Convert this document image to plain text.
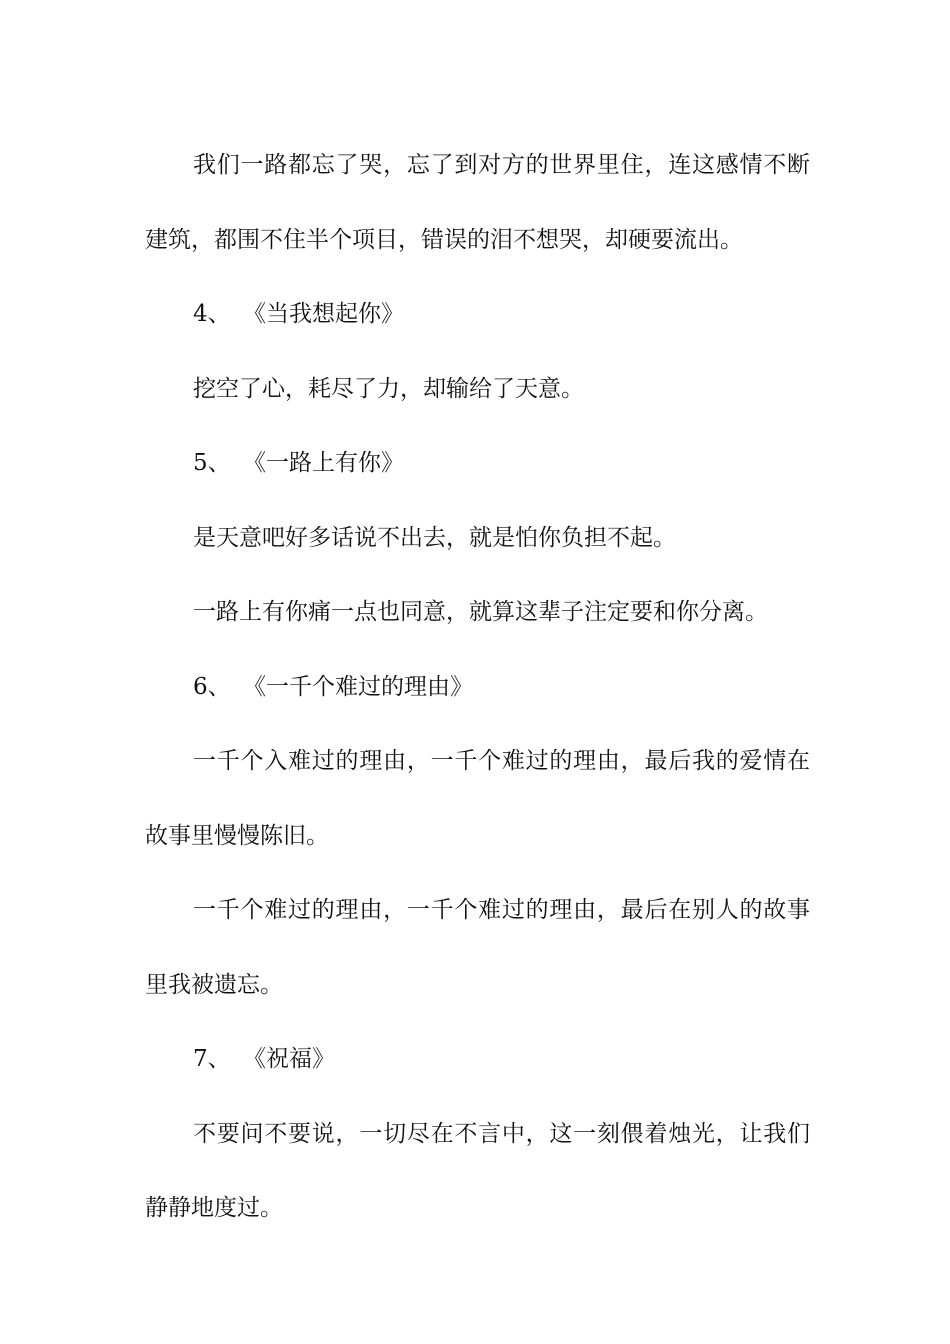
我们一路都忘了哭，忘了到对方的世界里住，连这感情不断建筑，都围不住半个项目，错误的泪不想哭，却硬要流出。

4、 《当我想起你》

挖空了心，耗尽了力，却输给了天意。

5、 《一路上有你》

是天意吧好多话说不出去，就是怕你负担不起。

一路上有你痛一点也同意，就算这辈子注定要和你分离。

6、 《一千个难过的理由》

一千个入难过的理由，一千个难过的理由，最后我的爱情在故事里慢慢陈旧。

一千个难过的理由，一千个难过的理由，最后在别人的故事里我被遗忘。

7、 《祝福》

不要问不要说，一切尽在不言中，这一刻偎着烛光，让我们静静地度过。
